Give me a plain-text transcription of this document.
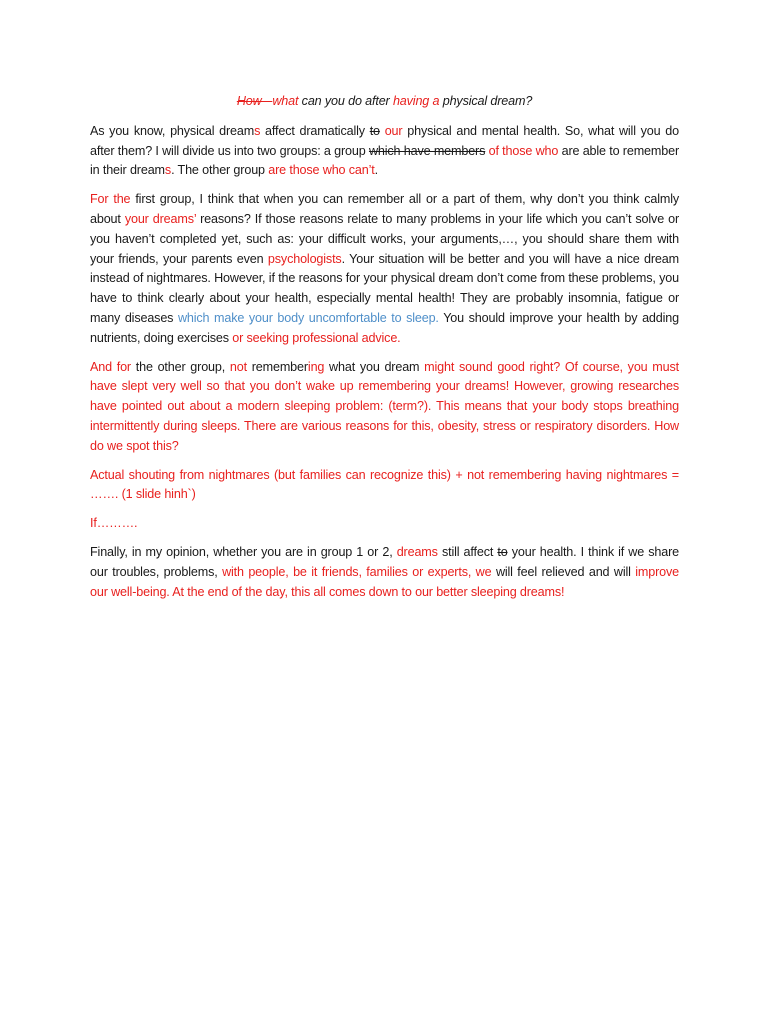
How - what can you do after having a physical dream?

As you know, physical dreams affect dramatically to our physical and mental health. So, what will you do after them? I will divide us into two groups: a group which have members of those who are able to remember in their dreams. The other group are those who can’t.

For the first group, I think that when you can remember all or a part of them, why don’t you think calmly about your dreams’ reasons? If those reasons relate to many problems in your life which you can’t solve or you haven’t completed yet, such as: your difficult works, your arguments,…, you should share them with your friends, your parents even psychologists. Your situation will be better and you will have a nice dream instead of nightmares. However, if the reasons for your physical dream don’t come from these problems, you have to think clearly about your health, especially mental health! They are probably insomnia, fatigue or many diseases which make your body uncomfortable to sleep. You should improve your health by adding nutrients, doing exercises or seeking professional advice.

And for the other group, not remembering what you dream might sound good right? Of course, you must have slept very well so that you don’t wake up remembering your dreams! However, growing researches have pointed out about a modern sleeping problem: (term?). This means that your body stops breathing intermittently during sleeps. There are various reasons for this, obesity, stress or respiratory disorders. How do we spot this?

Actual shouting from nightmares (but families can recognize this) + not remembering having nightmares = ……. (1 slide hinh`)

If……….

Finally, in my opinion, whether you are in group 1 or 2, dreams still affect to your health. I think if we share our troubles, problems, with people, be it friends, families or experts, we will feel relieved and will improve our well-being. At the end of the day, this all comes down to our better sleeping dreams!
